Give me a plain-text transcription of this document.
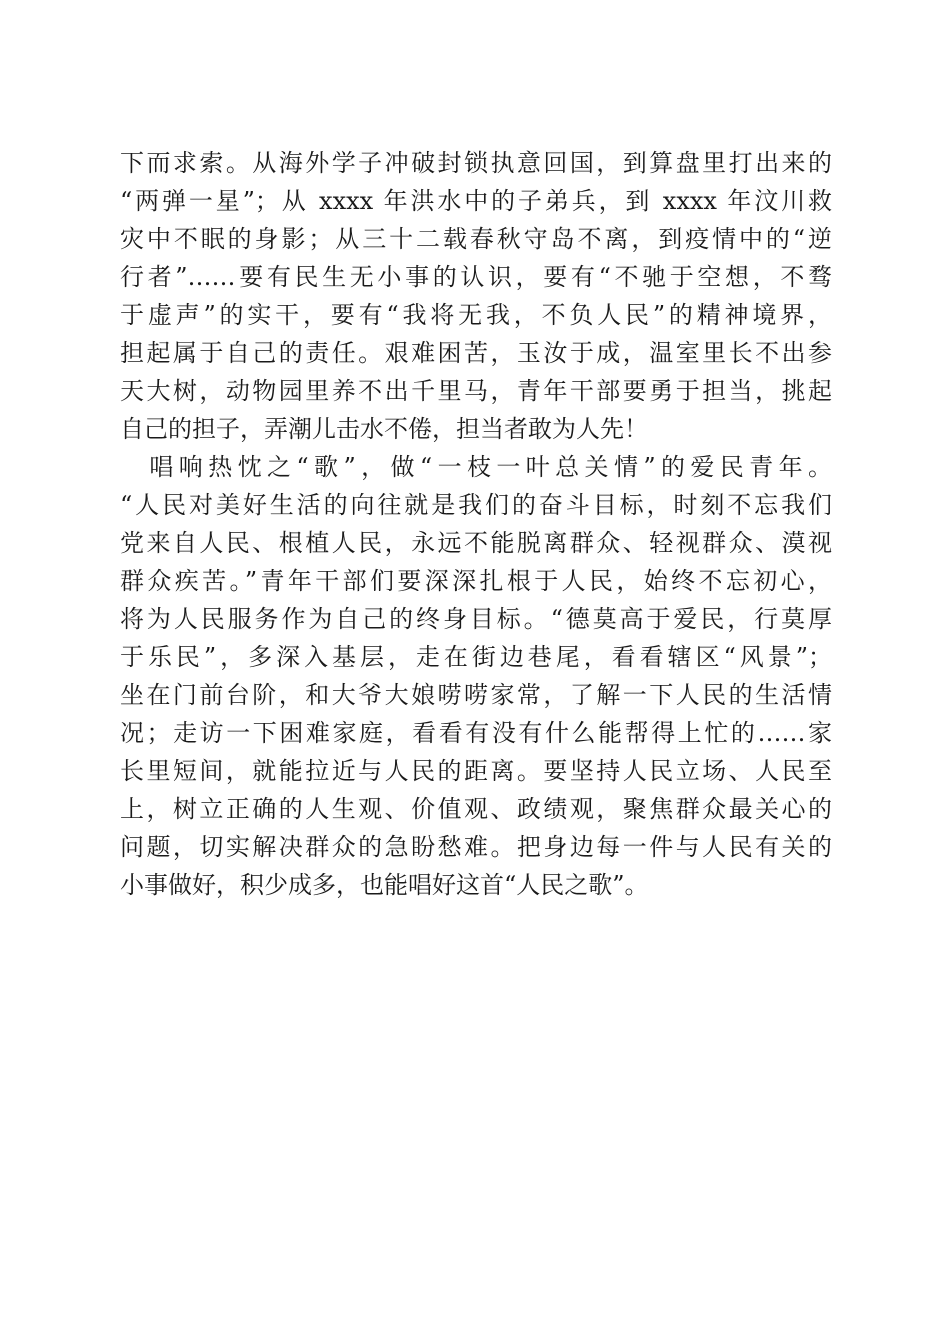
下而求索。从海外学子冲破封锁执意回国，到算盘里打出来的
“两弹一星”；从 xxxx 年洪水中的子弟兵，到 xxxx 年汶川救
灾中不眠的身影；从三十二载春秋守岛不离，到疫情中的“逆
行者”……要有民生无小事的认识，要有“不驰于空想，不骛
于虚声”的实干，要有“我将无我，不负人民”的精神境界，
担起属于自己的责任。艰难困苦，玉汝于成，温室里长不出参
天大树，动物园里养不出千里马，青年干部要勇于担当，挑起
自己的担子，弄潮儿击水不倦，担当者敢为人先！
　唱响热忱之“歌”，做“一枝一叶总关情”的爱民青年。
“人民对美好生活的向往就是我们的奋斗目标，时刻不忘我们
党来自人民、根植人民，永远不能脱离群众、轻视群众、漠视
群众疾苦。”青年干部们要深深扎根于人民，始终不忘初心，
将为人民服务作为自己的终身目标。“德莫高于爱民，行莫厚
于乐民”，多深入基层，走在街边巷尾，看看辖区“风景”；
坐在门前台阶，和大爷大娘唠唠家常，了解一下人民的生活情
况；走访一下困难家庭，看看有没有什么能帮得上忙的……家
长里短间，就能拉近与人民的距离。要坚持人民立场、人民至
上，树立正确的人生观、价值观、政绩观，聚焦群众最关心的
问题，切实解决群众的急盼愁难。把身边每一件与人民有关的
小事做好，积少成多，也能唱好这首“人民之歌”。
